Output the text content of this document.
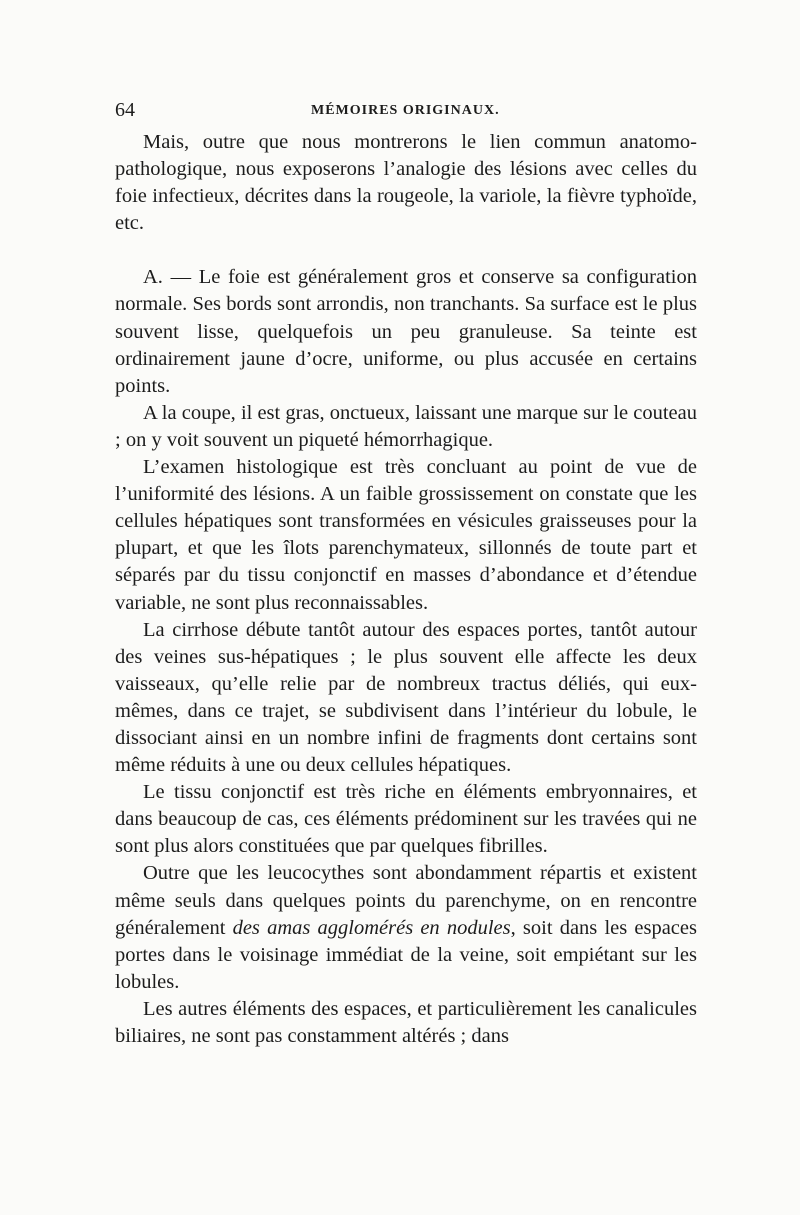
64	MÉMOIRES ORIGINAUX.

Mais, outre que nous montrerons le lien commun anatomo-pathologique, nous exposerons l’analogie des lésions avec celles du foie infectieux, décrites dans la rougeole, la variole, la fièvre typhoïde, etc.

A. — Le foie est généralement gros et conserve sa configuration normale. Ses bords sont arrondis, non tranchants. Sa surface est le plus souvent lisse, quelquefois un peu granuleuse. Sa teinte est ordinairement jaune d’ocre, uniforme, ou plus accusée en certains points.

A la coupe, il est gras, onctueux, laissant une marque sur le couteau ; on y voit souvent un piqueté hémorrhagique.

L’examen histologique est très concluant au point de vue de l’uniformité des lésions. A un faible grossissement on constate que les cellules hépatiques sont transformées en vésicules graisseuses pour la plupart, et que les îlots parenchymateux, sillonnés de toute part et séparés par du tissu conjonctif en masses d’abondance et d’étendue variable, ne sont plus reconnaissables.

La cirrhose débute tantôt autour des espaces portes, tantôt autour des veines sus-hépatiques ; le plus souvent elle affecte les deux vaisseaux, qu’elle relie par de nombreux tractus déliés, qui eux-mêmes, dans ce trajet, se subdivisent dans l’intérieur du lobule, le dissociant ainsi en un nombre infini de fragments dont certains sont même réduits à une ou deux cellules hépatiques.

Le tissu conjonctif est très riche en éléments embryonnaires, et dans beaucoup de cas, ces éléments prédominent sur les travées qui ne sont plus alors constituées que par quelques fibrilles.

Outre que les leucocythes sont abondamment répartis et existent même seuls dans quelques points du parenchyme, on en rencontre généralement des amas agglomérés en nodules, soit dans les espaces portes dans le voisinage immédiat de la veine, soit empiétant sur les lobules.

Les autres éléments des espaces, et particulièrement les canalicules biliaires, ne sont pas constamment altérés ; dans
